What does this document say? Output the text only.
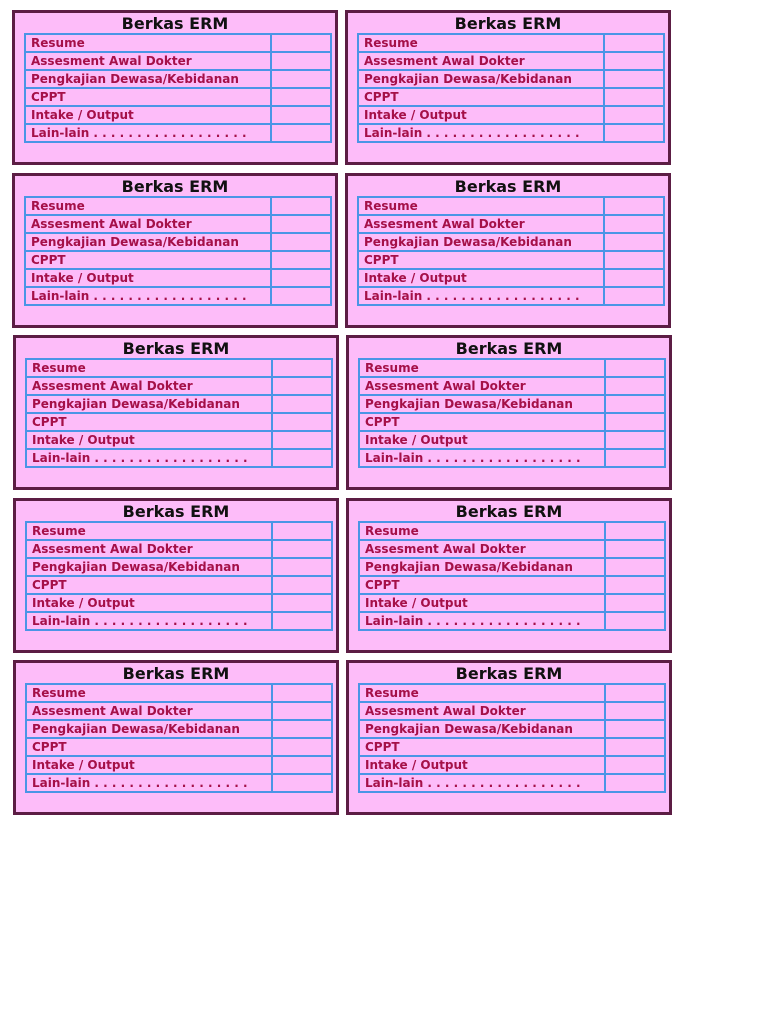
Berkas ERM
Resume	
Assesment Awal Dokter	
Pengkajian Dewasa/Kebidanan	
CPPT	
Intake / Output	
Lain-lain . . . . . . . . . . . . . . . . . .	
Berkas ERM
Resume	
Assesment Awal Dokter	
Pengkajian Dewasa/Kebidanan	
CPPT	
Intake / Output	
Lain-lain . . . . . . . . . . . . . . . . . .	
Berkas ERM
Resume	
Assesment Awal Dokter	
Pengkajian Dewasa/Kebidanan	
CPPT	
Intake / Output	
Lain-lain . . . . . . . . . . . . . . . . . .	
Berkas ERM
Resume	
Assesment Awal Dokter	
Pengkajian Dewasa/Kebidanan	
CPPT	
Intake / Output	
Lain-lain . . . . . . . . . . . . . . . . . .	
Berkas ERM
Resume	
Assesment Awal Dokter	
Pengkajian Dewasa/Kebidanan	
CPPT	
Intake / Output	
Lain-lain . . . . . . . . . . . . . . . . . .	
Berkas ERM
Resume	
Assesment Awal Dokter	
Pengkajian Dewasa/Kebidanan	
CPPT	
Intake / Output	
Lain-lain . . . . . . . . . . . . . . . . . .	
Berkas ERM
Resume	
Assesment Awal Dokter	
Pengkajian Dewasa/Kebidanan	
CPPT	
Intake / Output	
Lain-lain . . . . . . . . . . . . . . . . . .	
Berkas ERM
Resume	
Assesment Awal Dokter	
Pengkajian Dewasa/Kebidanan	
CPPT	
Intake / Output	
Lain-lain . . . . . . . . . . . . . . . . . .	
Berkas ERM
Resume	
Assesment Awal Dokter	
Pengkajian Dewasa/Kebidanan	
CPPT	
Intake / Output	
Lain-lain . . . . . . . . . . . . . . . . . .	
Berkas ERM
Resume	
Assesment Awal Dokter	
Pengkajian Dewasa/Kebidanan	
CPPT	
Intake / Output	
Lain-lain . . . . . . . . . . . . . . . . . .	
